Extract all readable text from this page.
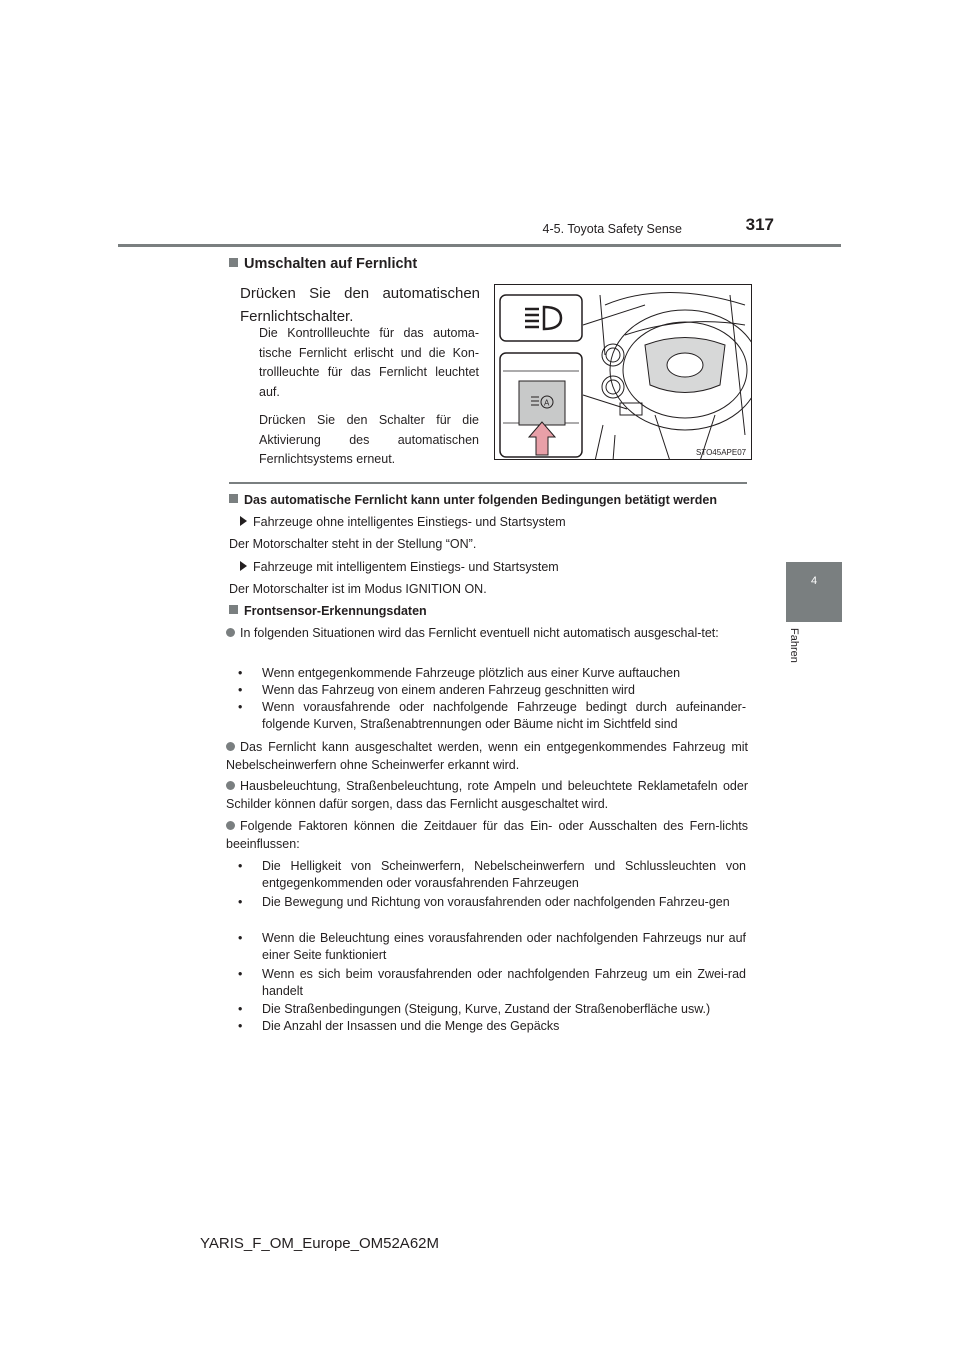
4-5. Toyota Safety Sense	317
4
Fahren
Umschalten auf Fernlicht
Drücken Sie den automatischen Fernlichtschalter.
Die Kontrollleuchte für das automa-tische Fernlicht erlischt und die Kon-trollleuchte für das Fernlicht leuchtet auf.
Drücken Sie den Schalter für die Aktivierung des automatischen Fernlichtsystems erneut.
A
STO45APE07
Das automatische Fernlicht kann unter folgenden Bedingungen betätigt werden
Fahrzeuge ohne intelligentes Einstiegs- und Startsystem
Der Motorschalter steht in der Stellung “ON”.
Fahrzeuge mit intelligentem Einstiegs- und Startsystem
Der Motorschalter ist im Modus IGNITION ON.
Frontsensor-Erkennungsdaten
In folgenden Situationen wird das Fernlicht eventuell nicht automatisch ausgeschal-tet:
•	Wenn entgegenkommende Fahrzeuge plötzlich aus einer Kurve auftauchen
•	Wenn das Fahrzeug von einem anderen Fahrzeug geschnitten wird
•	Wenn vorausfahrende oder nachfolgende Fahrzeuge bedingt durch aufeinander-folgende Kurven, Straßenabtrennungen oder Bäume nicht im Sichtfeld sind
Das Fernlicht kann ausgeschaltet werden, wenn ein entgegenkommendes Fahrzeug mit Nebelscheinwerfern ohne Scheinwerfer erkannt wird.
Hausbeleuchtung, Straßenbeleuchtung, rote Ampeln und beleuchtete Reklametafeln oder Schilder können dafür sorgen, dass das Fernlicht ausgeschaltet wird.
Folgende Faktoren können die Zeitdauer für das Ein- oder Ausschalten des Fern-lichts beeinflussen:
•	Die Helligkeit von Scheinwerfern, Nebelscheinwerfern und Schlussleuchten von entgegenkommenden oder vorausfahrenden Fahrzeugen
•	Die Bewegung und Richtung von vorausfahrenden oder nachfolgenden Fahrzeu-gen
•	Wenn die Beleuchtung eines vorausfahrenden oder nachfolgenden Fahrzeugs nur auf einer Seite funktioniert
•	Wenn es sich beim vorausfahrenden oder nachfolgenden Fahrzeug um ein Zwei-rad handelt
•	Die Straßenbedingungen (Steigung, Kurve, Zustand der Straßenoberfläche usw.)
•	Die Anzahl der Insassen und die Menge des Gepäcks
YARIS_F_OM_Europe_OM52A62M
